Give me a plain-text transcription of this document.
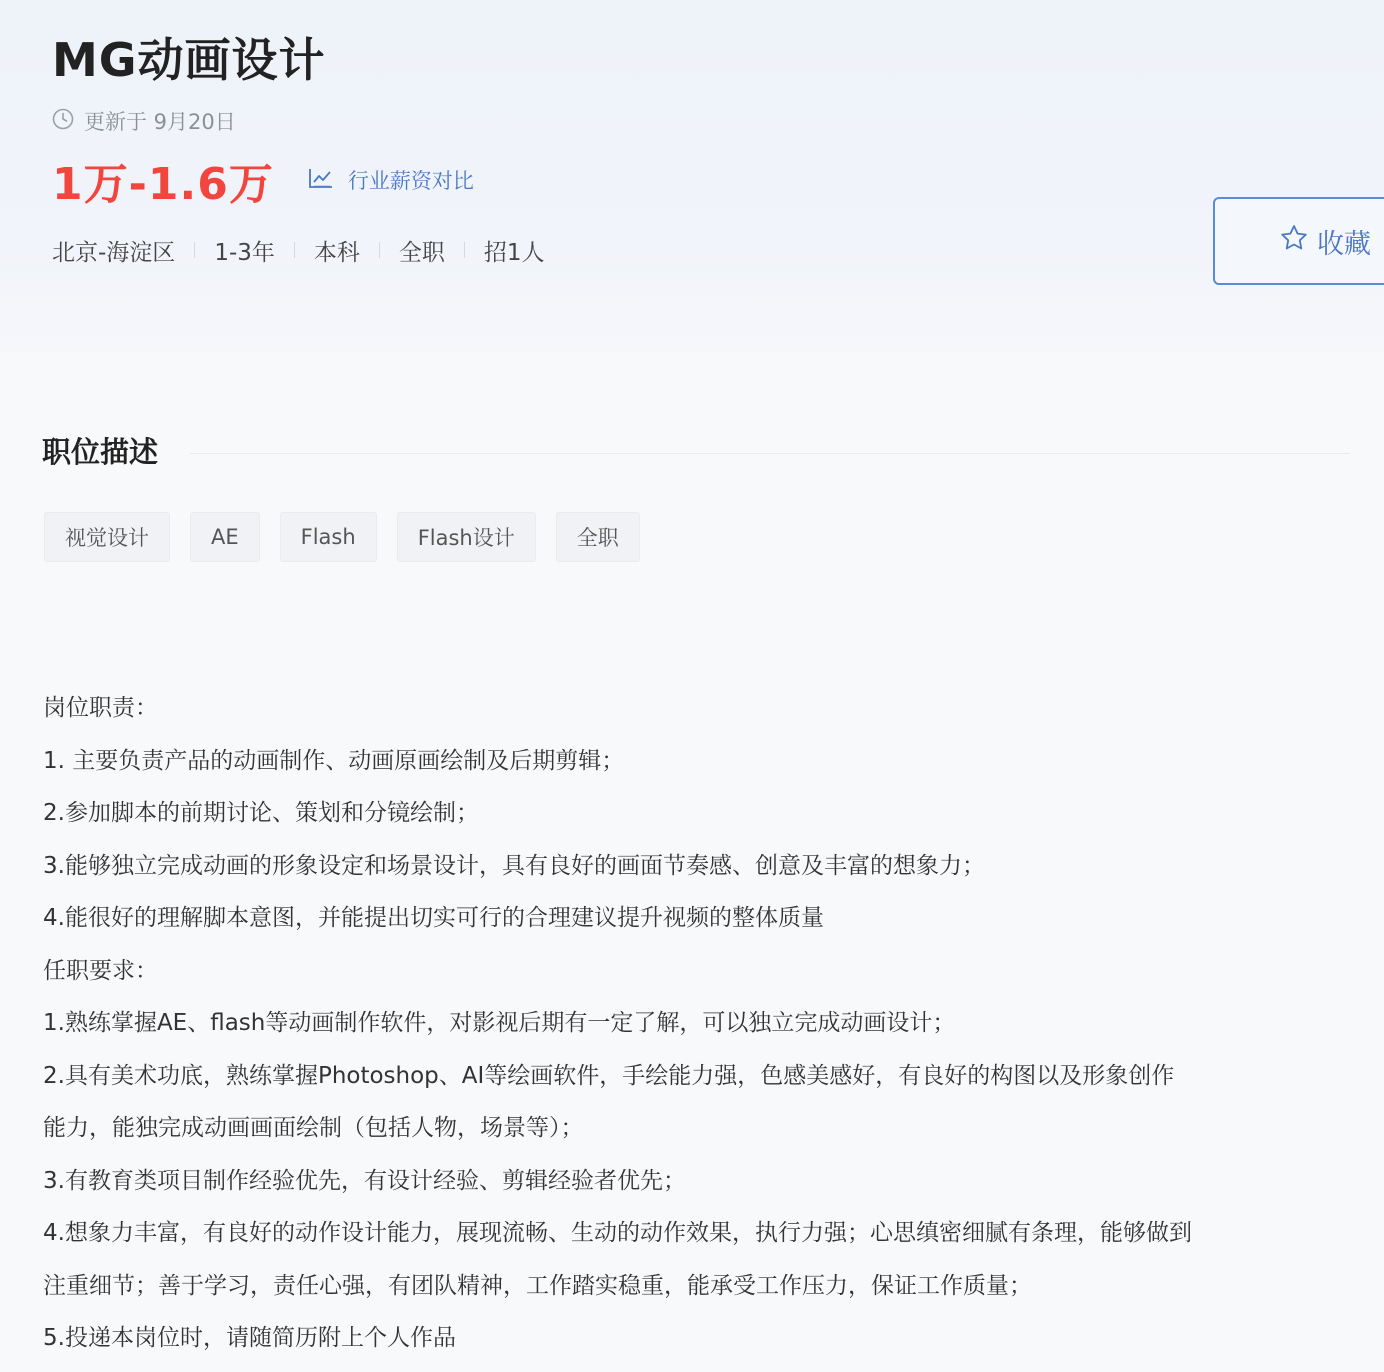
MG动画设计
更新于 9月20日
1万-1.6万	行业薪资对比
北京-海淀区 1-3年 本科 全职 招1人	收藏
职位描述
视觉设计	AE	Flash	Flash设计	全职

岗位职责：

1. 主要负责产品的动画制作、动画原画绘制及后期剪辑；

2.参加脚本的前期讨论、策划和分镜绘制；

3.能够独立完成动画的形象设定和场景设计，具有良好的画面节奏感、创意及丰富的想象力；

4.能很好的理解脚本意图，并能提出切实可行的合理建议提升视频的整体质量

任职要求：

1.熟练掌握AE、flash等动画制作软件，对影视后期有一定了解，可以独立完成动画设计；

2.具有美术功底，熟练掌握Photoshop、AI等绘画软件，手绘能力强，色感美感好，有良好的构图以及形象创作

能力，能独完成动画画面绘制（包括人物，场景等）；

3.有教育类项目制作经验优先，有设计经验、剪辑经验者优先；

4.想象力丰富，有良好的动作设计能力，展现流畅、生动的动作效果，执行力强；心思缜密细腻有条理，能够做到

注重细节；善于学习，责任心强，有团队精神，工作踏实稳重，能承受工作压力，保证工作质量；

5.投递本岗位时，请随简历附上个人作品
